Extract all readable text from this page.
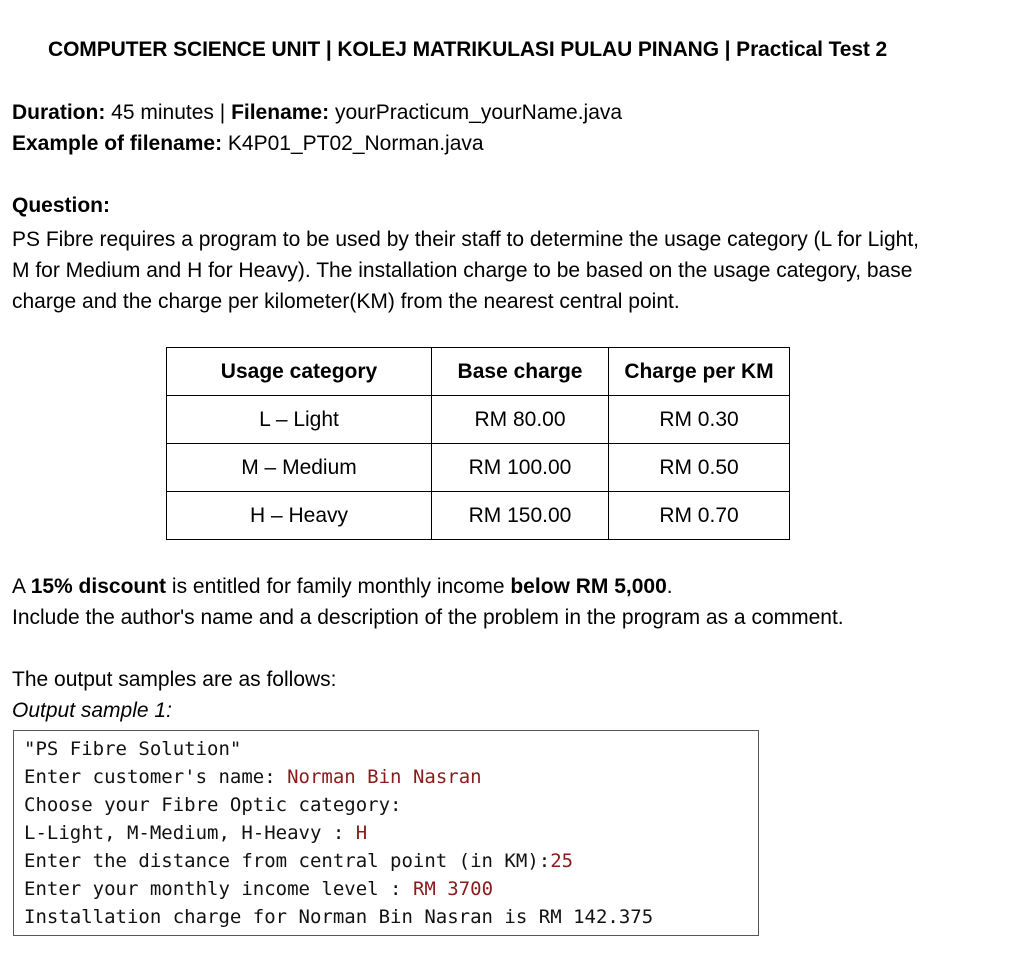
COMPUTER SCIENCE UNIT | KOLEJ MATRIKULASI PULAU PINANG | Practical Test 2
Duration: 45 minutes | Filename: yourPracticum_yourName.java
Example of filename: K4P01_PT02_Norman.java
Question:
PS Fibre requires a program to be used by their staff to determine the usage category (L for Light, M for Medium and H for Heavy). The installation charge to be based on the usage category, base charge and the charge per kilometer(KM) from the nearest central point.
Usage category	Base charge	Charge per KM
L – Light	RM 80.00	RM 0.30
M – Medium	RM 100.00	RM 0.50
H – Heavy	RM 150.00	RM 0.70
A 15% discount is entitled for family monthly income below RM 5,000.
Include the author's name and a description of the problem in the program as a comment.
The output samples are as follows:
Output sample 1:
"PS Fibre Solution"
Enter customer's name: Norman Bin Nasran
Choose your Fibre Optic category:
L-Light, M-Medium, H-Heavy : H
Enter the distance from central point (in KM):25
Enter your monthly income level : RM 3700
Installation charge for Norman Bin Nasran is RM 142.375
